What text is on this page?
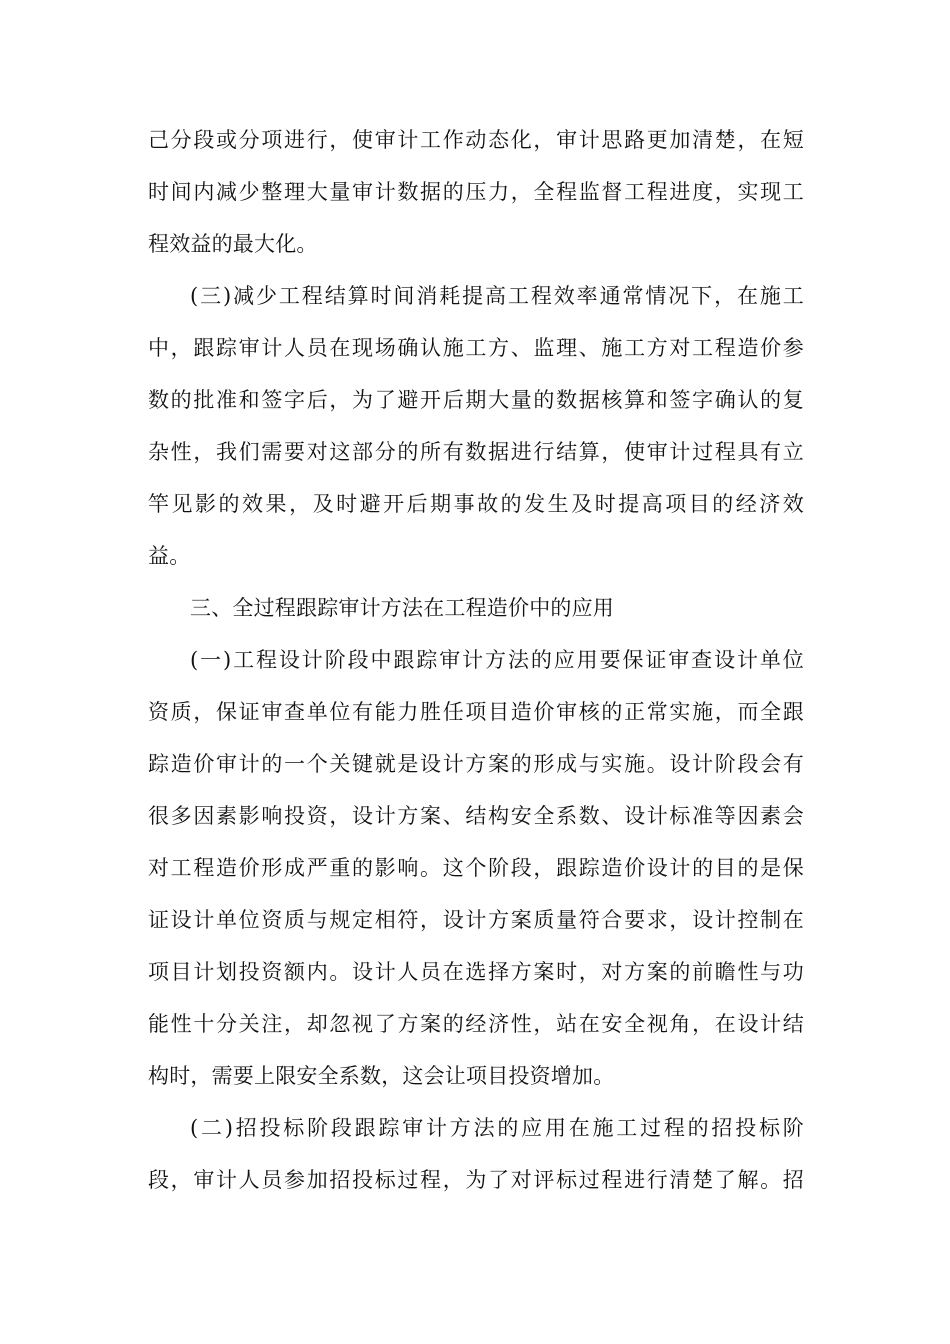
己分段或分项进行，使审计工作动态化，审计思路更加清楚，在短
时间内减少整理大量审计数据的压力，全程监督工程进度，实现工
程效益的最大化。
(三)减少工程结算时间消耗提高工程效率通常情况下，在施工
中，跟踪审计人员在现场确认施工方、监理、施工方对工程造价参
数的批准和签字后，为了避开后期大量的数据核算和签字确认的复
杂性，我们需要对这部分的所有数据进行结算，使审计过程具有立
竿见影的效果，及时避开后期事故的发生及时提高项目的经济效
益。
三、全过程跟踪审计方法在工程造价中的应用
(一)工程设计阶段中跟踪审计方法的应用要保证审查设计单位
资质，保证审查单位有能力胜任项目造价审核的正常实施，而全跟
踪造价审计的一个关键就是设计方案的形成与实施。设计阶段会有
很多因素影响投资，设计方案、结构安全系数、设计标准等因素会
对工程造价形成严重的影响。这个阶段，跟踪造价设计的目的是保
证设计单位资质与规定相符，设计方案质量符合要求，设计控制在
项目计划投资额内。设计人员在选择方案时，对方案的前瞻性与功
能性十分关注，却忽视了方案的经济性，站在安全视角，在设计结
构时，需要上限安全系数，这会让项目投资增加。
(二)招投标阶段跟踪审计方法的应用在施工过程的招投标阶
段，审计人员参加招投标过程，为了对评标过程进行清楚了解。招
